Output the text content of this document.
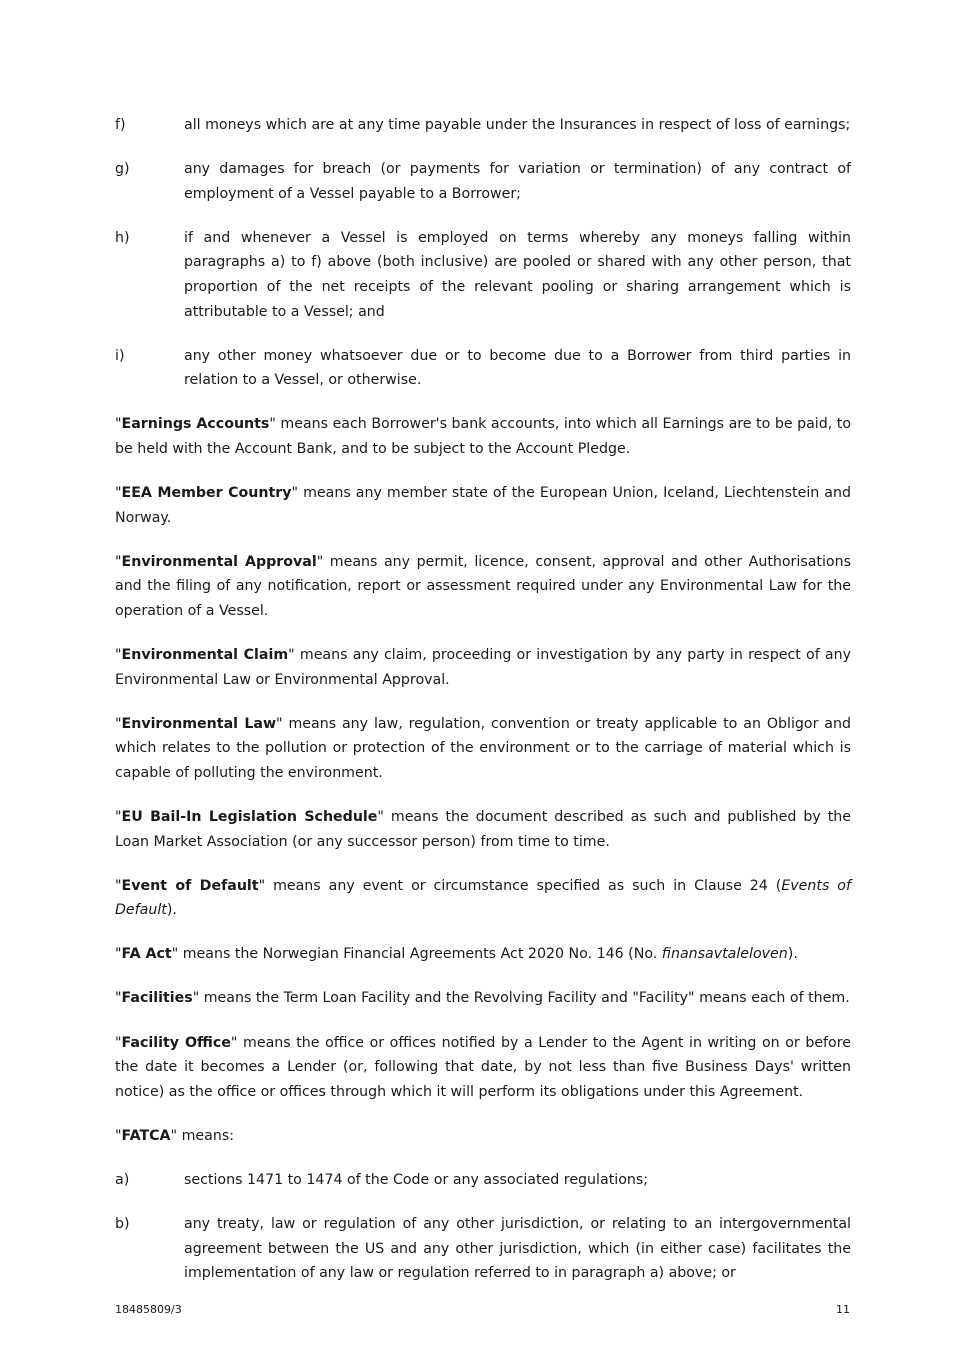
f)	all moneys which are at any time payable under the Insurances in respect of loss of earnings;
g)	any damages for breach (or payments for variation or termination) of any contract of employment of a Vessel payable to a Borrower;
h)	if and whenever a Vessel is employed on terms whereby any moneys falling within paragraphs a) to f) above (both inclusive) are pooled or shared with any other person, that proportion of the net receipts of the relevant pooling or sharing arrangement which is attributable to a Vessel; and
i)	any other money whatsoever due or to become due to a Borrower from third parties in relation to a Vessel, or otherwise.

"Earnings Accounts" means each Borrower's bank accounts, into which all Earnings are to be paid, to be held with the Account Bank, and to be subject to the Account Pledge.

"EEA Member Country" means any member state of the European Union, Iceland, Liechtenstein and Norway.

"Environmental Approval" means any permit, licence, consent, approval and other Authorisations and the filing of any notification, report or assessment required under any Environmental Law for the operation of a Vessel.

"Environmental Claim" means any claim, proceeding or investigation by any party in respect of any Environmental Law or Environmental Approval.

"Environmental Law" means any law, regulation, convention or treaty applicable to an Obligor and which relates to the pollution or protection of the environment or to the carriage of material which is capable of polluting the environment.

"EU Bail-In Legislation Schedule" means the document described as such and published by the Loan Market Association (or any successor person) from time to time.

"Event of Default" means any event or circumstance specified as such in Clause 24 (Events of Default).

"FA Act" means the Norwegian Financial Agreements Act 2020 No. 146 (No. finansavtaleloven).

"Facilities" means the Term Loan Facility and the Revolving Facility and "Facility" means each of them.

"Facility Office" means the office or offices notified by a Lender to the Agent in writing on or before the date it becomes a Lender (or, following that date, by not less than five Business Days' written notice) as the office or offices through which it will perform its obligations under this Agreement.

"FATCA" means:

a)	sections 1471 to 1474 of the Code or any associated regulations;
b)	any treaty, law or regulation of any other jurisdiction, or relating to an intergovernmental agreement between the US and any other jurisdiction, which (in either case) facilitates the implementation of any law or regulation referred to in paragraph a) above; or
18485809/3	11
